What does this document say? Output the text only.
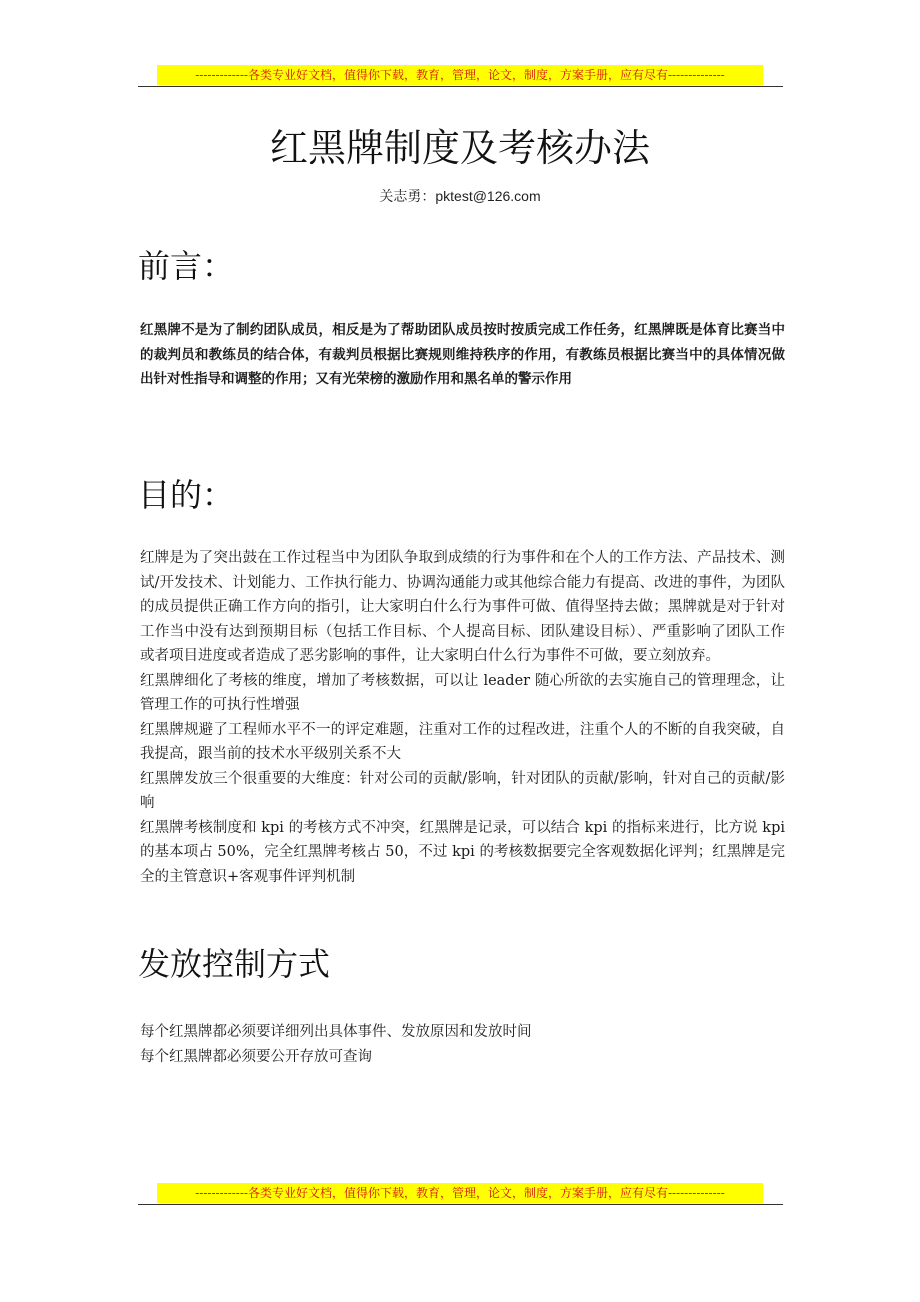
-------------各类专业好文档，值得你下载，教育，管理，论文，制度，方案手册，应有尽有--------------
红黑牌制度及考核办法
关志勇：pktest@126.com
前言：

红黑牌不是为了制约团队成员，相反是为了帮助团队成员按时按质完成工作任务，红黑牌既是体育比赛当中的裁判员和教练员的结合体，有裁判员根据比赛规则维持秩序的作用，有教练员根据比赛当中的具体情况做出针对性指导和调整的作用；又有光荣榜的激励作用和黑名单的警示作用

目的：

红牌是为了突出鼓在工作过程当中为团队争取到成绩的行为事件和在个人的工作方法、产品技术、测试/开发技术、计划能力、工作执行能力、协调沟通能力或其他综合能力有提高、改进的事件，为团队的成员提供正确工作方向的指引，让大家明白什么行为事件可做、值得坚持去做；黑牌就是对于针对工作当中没有达到预期目标（包括工作目标、个人提高目标、团队建设目标）、严重影响了团队工作或者项目进度或者造成了恶劣影响的事件，让大家明白什么行为事件不可做，要立刻放弃。

红黑牌细化了考核的维度，增加了考核数据，可以让 leader 随心所欲的去实施自己的管理理念，让管理工作的可执行性增强

红黑牌规避了工程师水平不一的评定难题，注重对工作的过程改进，注重个人的不断的自我突破，自我提高，跟当前的技术水平级别关系不大

红黑牌发放三个很重要的大维度：针对公司的贡献/影响，针对团队的贡献/影响，针对自己的贡献/影响

红黑牌考核制度和 kpi 的考核方式不冲突，红黑牌是记录，可以结合 kpi 的指标来进行，比方说 kpi 的基本项占 50%，完全红黑牌考核占 50，不过 kpi 的考核数据要完全客观数据化评判；红黑牌是完全的主管意识+客观事件评判机制

发放控制方式

每个红黑牌都必须要详细列出具体事件、发放原因和发放时间

每个红黑牌都必须要公开存放可查询

-------------各类专业好文档，值得你下载，教育，管理，论文，制度，方案手册，应有尽有--------------
